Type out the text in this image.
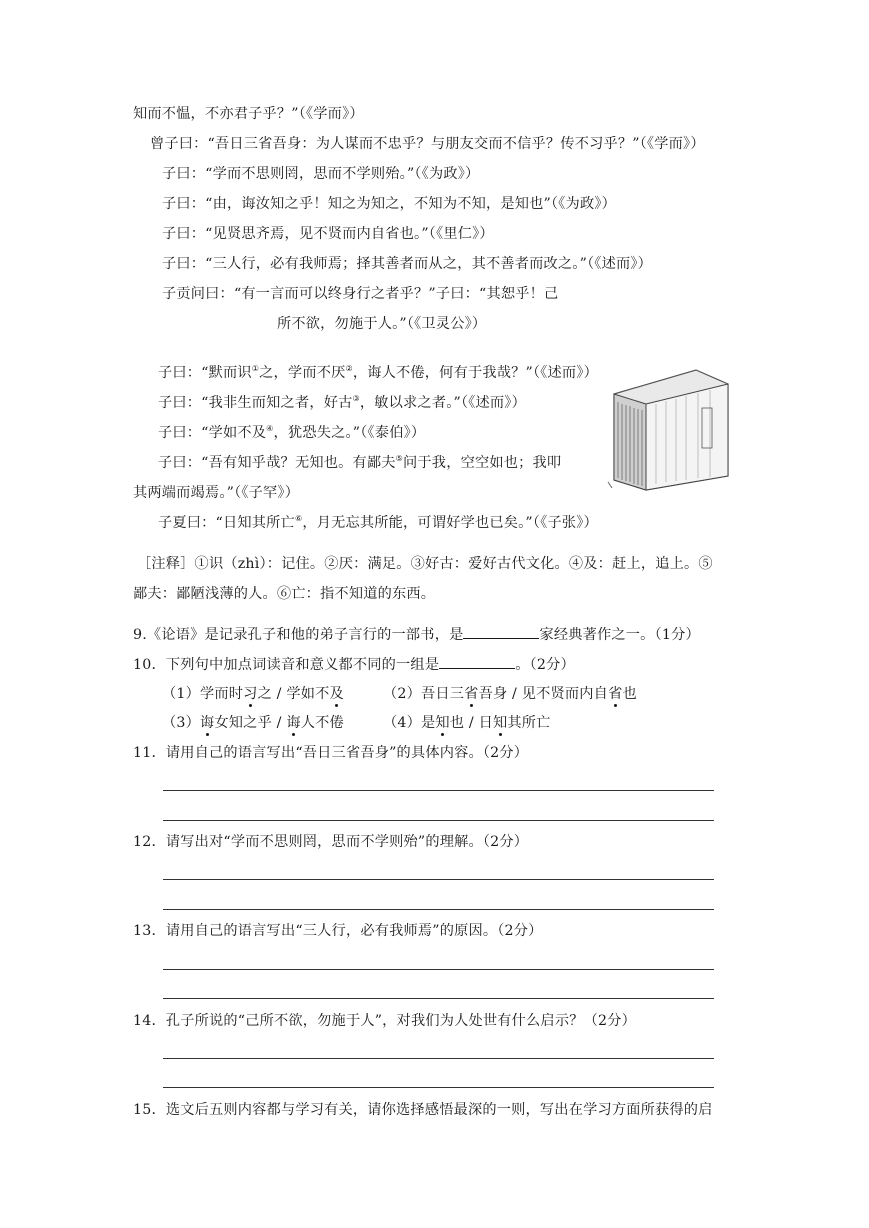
知而不愠，不亦君子乎？”（《学而》）
曾子曰：“吾日三省吾身：为人谋而不忠乎？与朋友交而不信乎？传不习乎？”（《学而》）
子曰：“学而不思则罔，思而不学则殆。”（《为政》）
子曰：“由，诲汝知之乎！知之为知之，不知为不知，是知也”（《为政》）
子曰：“见贤思齐焉，见不贤而内自省也。”（《里仁》）
子曰：“三人行，必有我师焉；择其善者而从之，其不善者而改之。”（《述而》）
子贡问曰：“有一言而可以终身行之者乎？”子曰：“其恕乎！己
所不欲，勿施于人。”（《卫灵公》）
子曰：“默而识①之，学而不厌②，诲人不倦，何有于我哉？”（《述而》）
子曰：“我非生而知之者，好古③，敏以求之者。”（《述而》）
子曰：“学如不及④，犹恐失之。”（《泰伯》）
子曰：“吾有知乎哉？无知也。有鄙夫⑤问于我，空空如也；我叩
其两端而竭焉。”（《子罕》）
子夏曰：“日知其所亡⑥，月无忘其所能，可谓好学也已矣。”（《子张》）
［注释］①识（zhì）：记住。②厌：满足。③好古：爱好古代文化。④及：赶上，追上。⑤
鄙夫：鄙陋浅薄的人。⑥亡：指不知道的东西。
9.《论语》是记录孔子和他的弟子言行的一部书，是	家经典著作之一。（1分）
10．下列句中加点词读音和意义都不同的一组是	。（2分）
（1）学而时习之 / 学如不及	（2）吾日三省吾身 / 见不贤而内自省也
（3）诲女知之乎 / 诲人不倦	（4）是知也 / 日知其所亡
11．请用自己的语言写出“吾日三省吾身”的具体内容。（2分）
12．请写出对“学而不思则罔，思而不学则殆”的理解。（2分）
13．请用自己的语言写出“三人行，必有我师焉”的原因。（2分）
14．孔子所说的“己所不欲，勿施于人”，对我们为人处世有什么启示？（2分）
15．选文后五则内容都与学习有关，请你选择感悟最深的一则，写出在学习方面所获得的启
